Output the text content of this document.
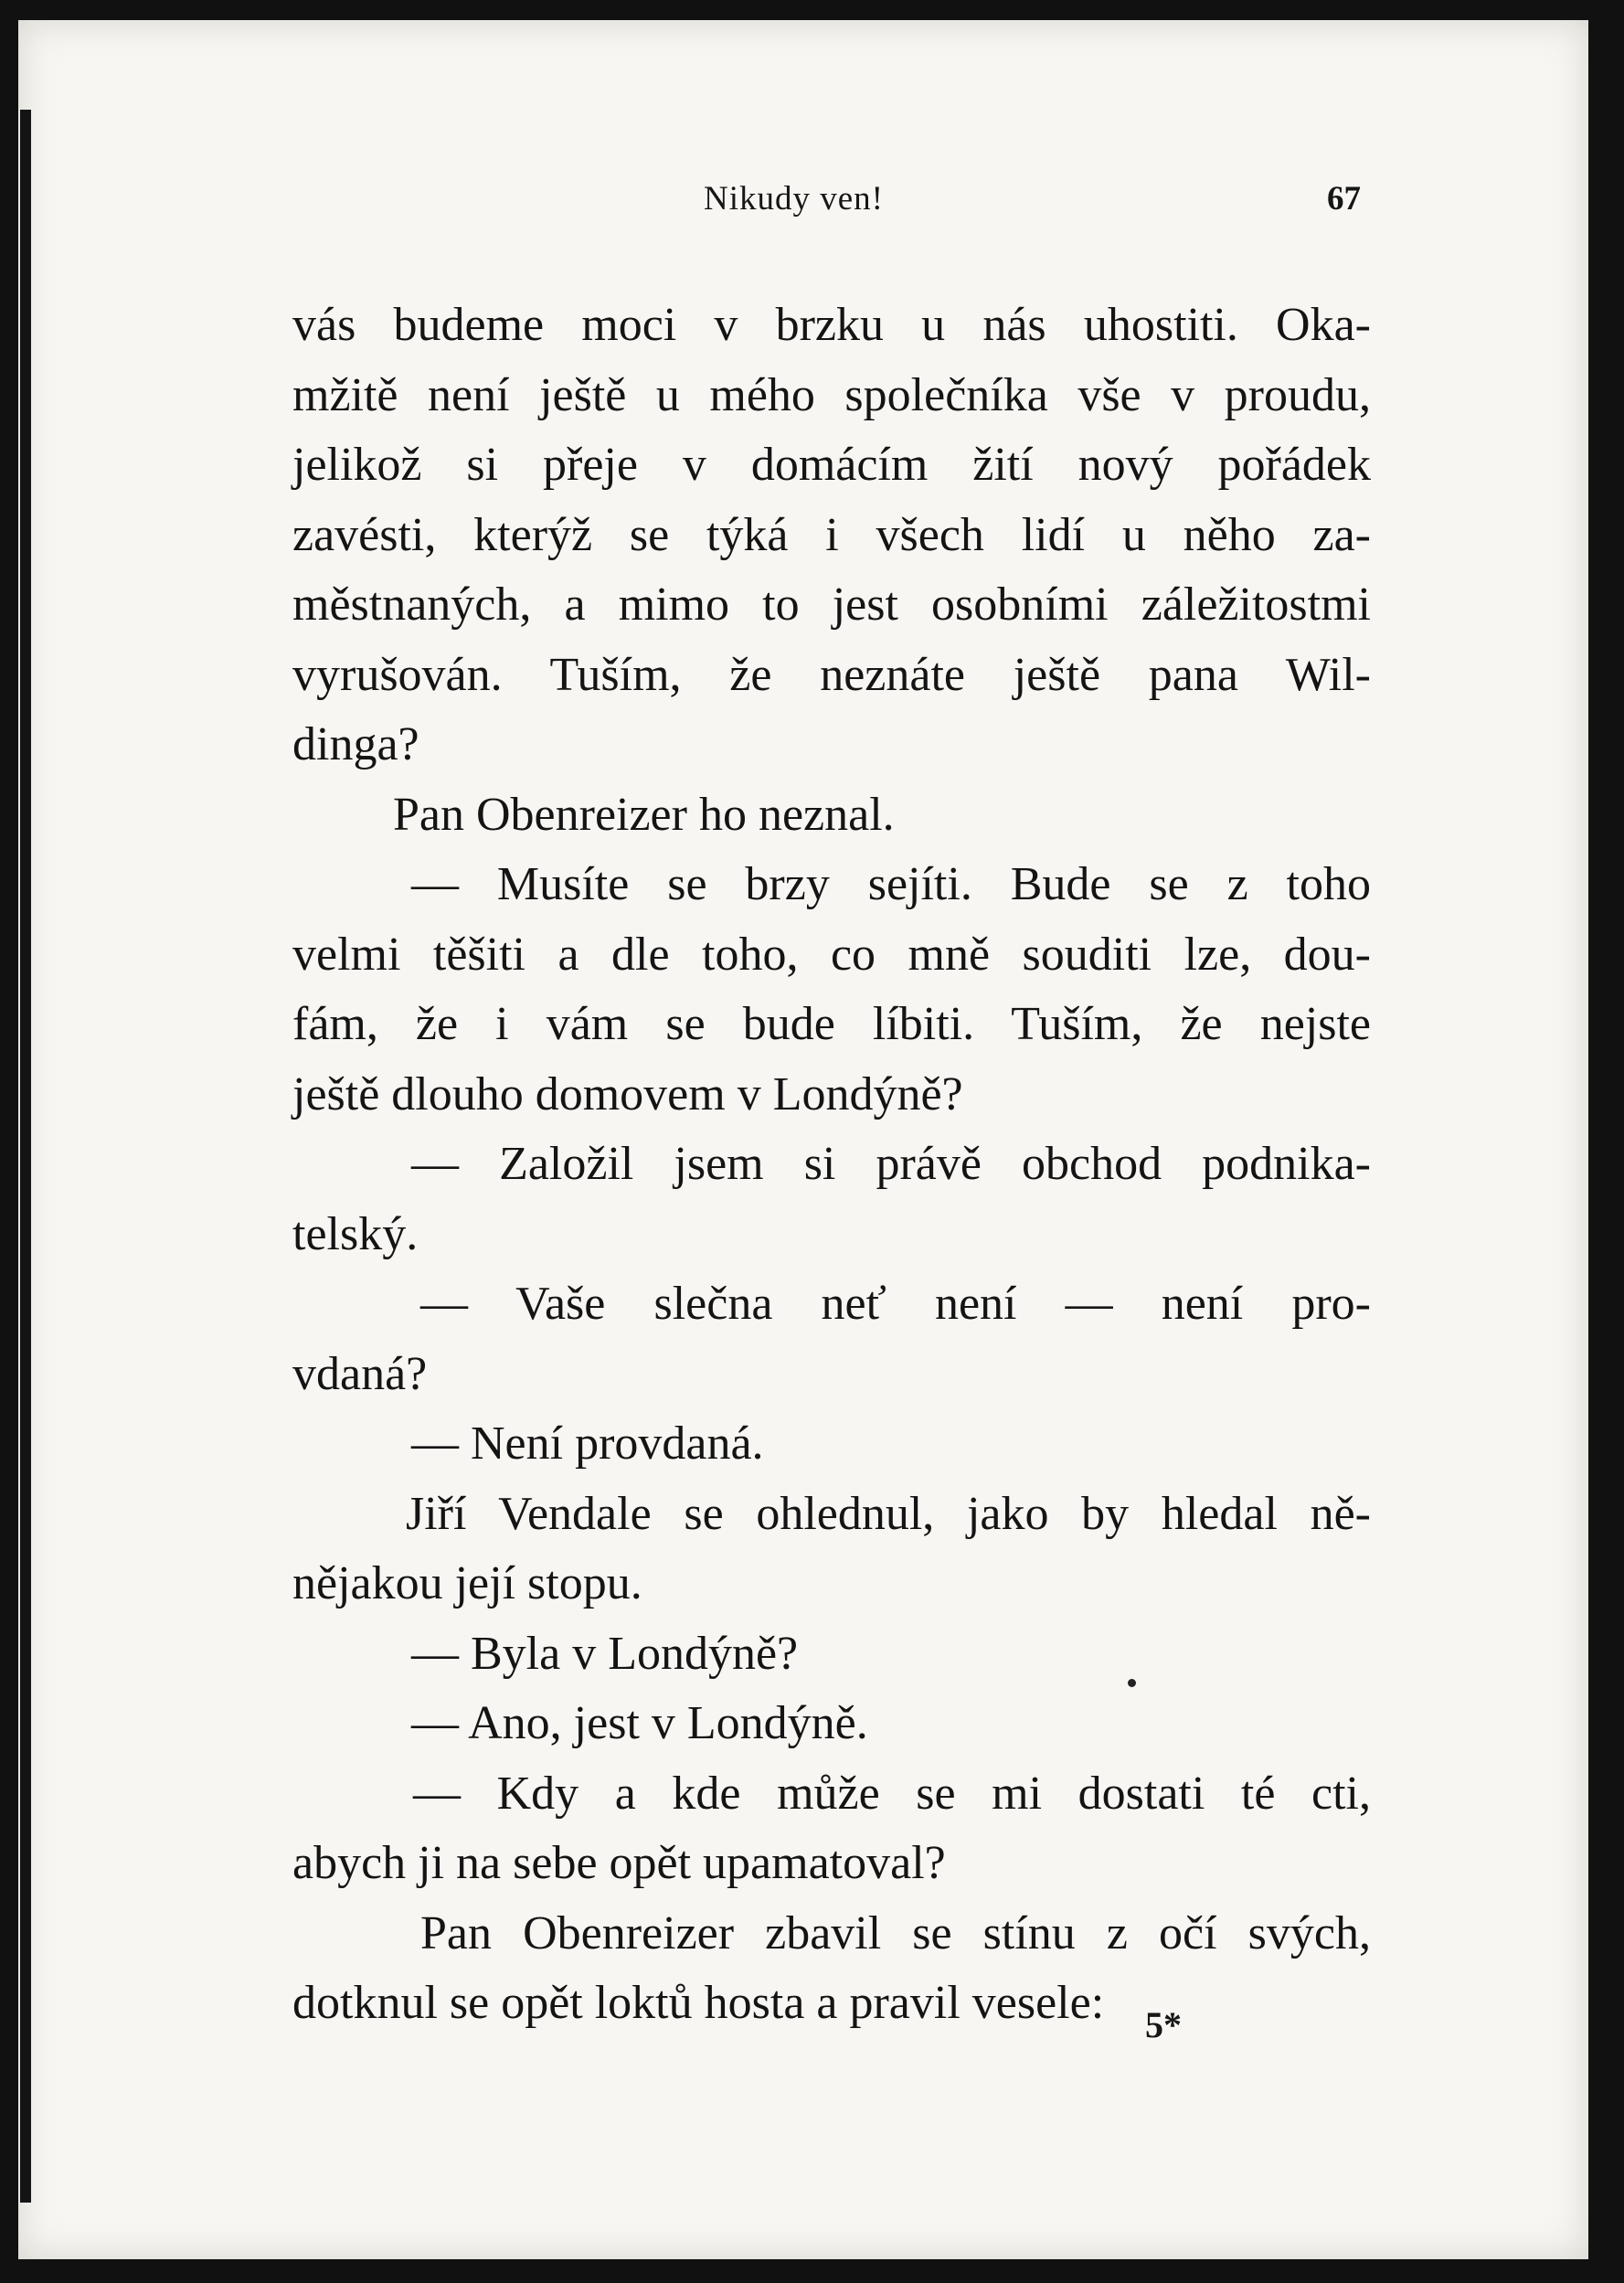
Nikudy ven!	67
vás budeme moci v brzku u nás uhostiti. Oka-
mžitě není ještě u mého společníka vše v proudu,
jelikož si přeje v domácím žití nový pořádek
zavésti, kterýž se týká i všech lidí u něho za-
městnaných, a mimo to jest osobními záležitostmi
vyrušován. Tuším, že neznáte ještě pana Wil-
dinga?
Pan Obenreizer ho neznal.
— Musíte se brzy sejíti. Bude se z toho
velmi těšiti a dle toho, co mně souditi lze, dou-
fám, že i vám se bude líbiti. Tuším, že nejste
ještě dlouho domovem v Londýně?
— Založil jsem si právě obchod podnika-
telský.
— Vaše slečna neť není — není pro-
vdaná?
— Není provdaná.
Jiří Vendale se ohlednul, jako by hledal ně-
nějakou její stopu.
— Byla v Londýně?
— Ano, jest v Londýně.
— Kdy a kde může se mi dostati té cti,
abych ji na sebe opět upamatoval?
Pan Obenreizer zbavil se stínu z očí svých,
dotknul se opět loktů hosta a pravil vesele:	5*
